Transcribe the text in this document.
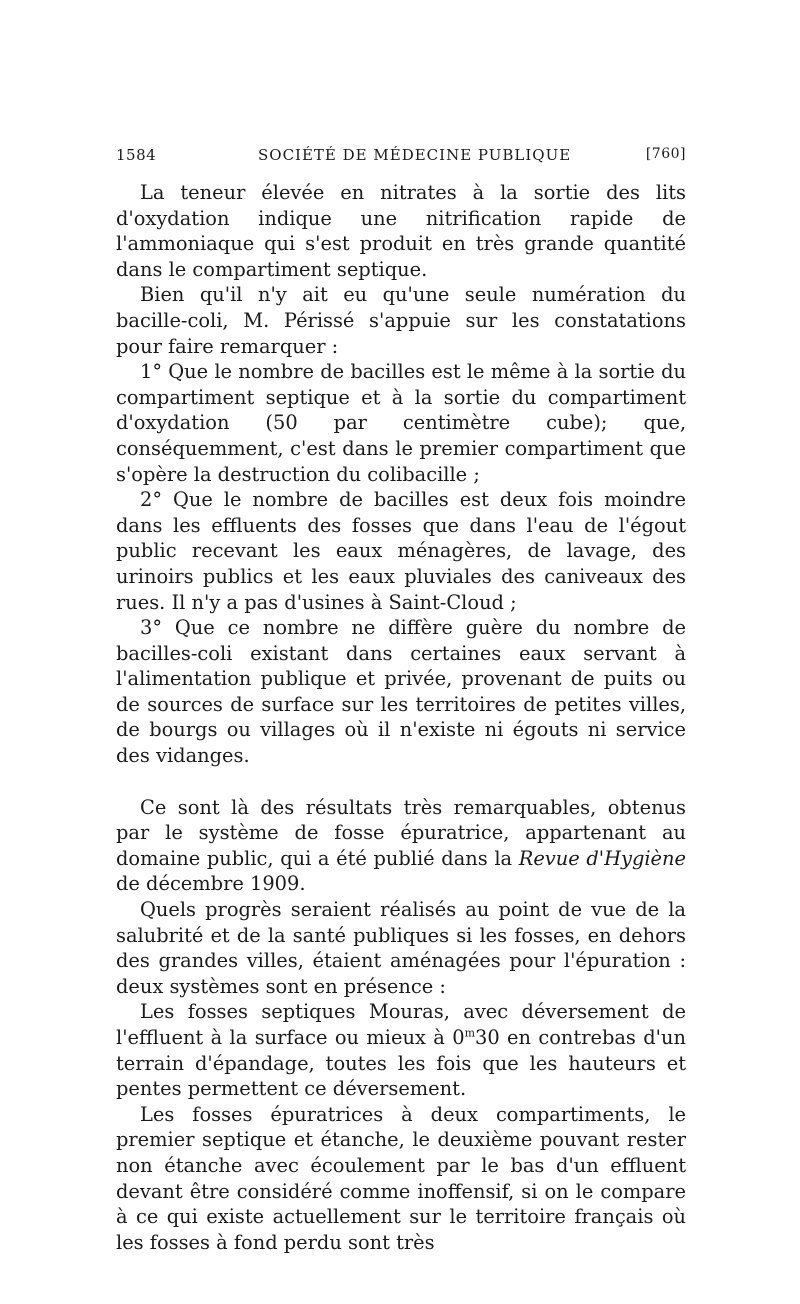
1584	SOCIÉTÉ DE MÉDECINE PUBLIQUE	[760]

La teneur élevée en nitrates à la sortie des lits d'oxydation indique une nitrification rapide de l'ammoniaque qui s'est produit en très grande quantité dans le compartiment septique.

Bien qu'il n'y ait eu qu'une seule numération du bacille-coli, M. Périssé s'appuie sur les constatations pour faire remarquer :

1° Que le nombre de bacilles est le même à la sortie du compartiment septique et à la sortie du compartiment d'oxydation (50 par centimètre cube); que, conséquemment, c'est dans le premier compartiment que s'opère la destruction du colibacille ;

2° Que le nombre de bacilles est deux fois moindre dans les effluents des fosses que dans l'eau de l'égout public recevant les eaux ménagères, de lavage, des urinoirs publics et les eaux pluviales des caniveaux des rues. Il n'y a pas d'usines à Saint-Cloud ;

3° Que ce nombre ne diffère guère du nombre de bacilles-coli existant dans certaines eaux servant à l'alimentation publique et privée, provenant de puits ou de sources de surface sur les territoires de petites villes, de bourgs ou villages où il n'existe ni égouts ni service des vidanges.

Ce sont là des résultats très remarquables, obtenus par le système de fosse épuratrice, appartenant au domaine public, qui a été publié dans la Revue d'Hygiène de décembre 1909.

Quels progrès seraient réalisés au point de vue de la salubrité et de la santé publiques si les fosses, en dehors des grandes villes, étaient aménagées pour l'épuration : deux systèmes sont en présence :

Les fosses septiques Mouras, avec déversement de l'effluent à la surface ou mieux à 0$^m$30 en contrebas d'un terrain d'épandage, toutes les fois que les hauteurs et pentes permettent ce déversement.

Les fosses épuratrices à deux compartiments, le premier septique et étanche, le deuxième pouvant rester non étanche avec écoulement par le bas d'un effluent devant être considéré comme inoffensif, si on le compare à ce qui existe actuellement sur le territoire français où les fosses à fond perdu sont très
